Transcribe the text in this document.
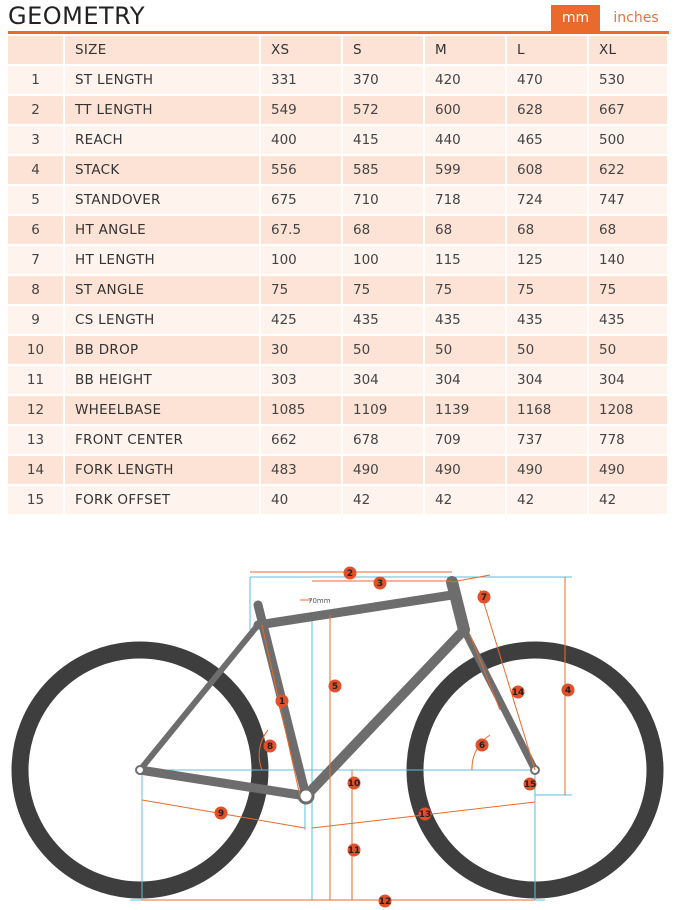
GEOMETRY	mm	inches
	SIZE	XS	S	M	L	XL
1	ST LENGTH	331	370	420	470	530
2	TT LENGTH	549	572	600	628	667
3	REACH	400	415	440	465	500
4	STACK	556	585	599	608	622
5	STANDOVER	675	710	718	724	747
6	HT ANGLE	67.5	68	68	68	68
7	HT LENGTH	100	100	115	125	140
8	ST ANGLE	75	75	75	75	75
9	CS LENGTH	425	435	435	435	435
10	BB DROP	30	50	50	50	50
11	BB HEIGHT	303	304	304	304	304
12	WHEELBASE	1085	1109	1139	1168	1208
13	FRONT CENTER	662	678	709	737	778
14	FORK LENGTH	483	490	490	490	490
15	FORK OFFSET	40	42	42	42	42
70mm
1
2
3
4
5
6
7
8
9
10
11
12
13
14
15
